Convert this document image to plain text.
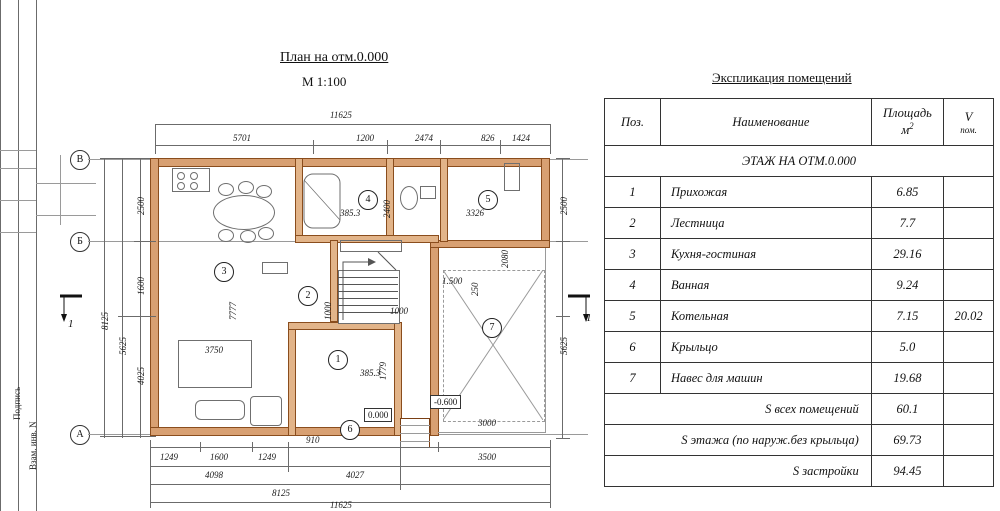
Взам. инв. N
Подпись
План на отм.0.000
М 1:100
11625
5701	1200	2474	826 1424
В
Б
А
4	5
3
2
1
6
7
385.3	3326
385.3
3750
910
3000
1.500
7777
2400
2080
1000	1000
1779
250
0.000
-0.600
2500
1600
5625
4025
8125
2500
5625
1	1
1249	1600	1249
4098	4027
3500
8125
11625
Экспликация помещений
Поз.	Наименование	
Площадь
$м^2$

V
пом.

ЭТАЖ НА ОТМ.0.000			
1	Прихожая	6.85	
2	Лестница	7.7	
3	Кухня-гостиная	29.16	
4	Ванная	9.24	
5	Котельная	7.15	20.02
6	Крыльцо	5.0	
7	Навес для машин	19.68	
S всех помещений		60.1	
S этажа (по наруж.без крыльца)		69.73	
S застройки		94.45	
